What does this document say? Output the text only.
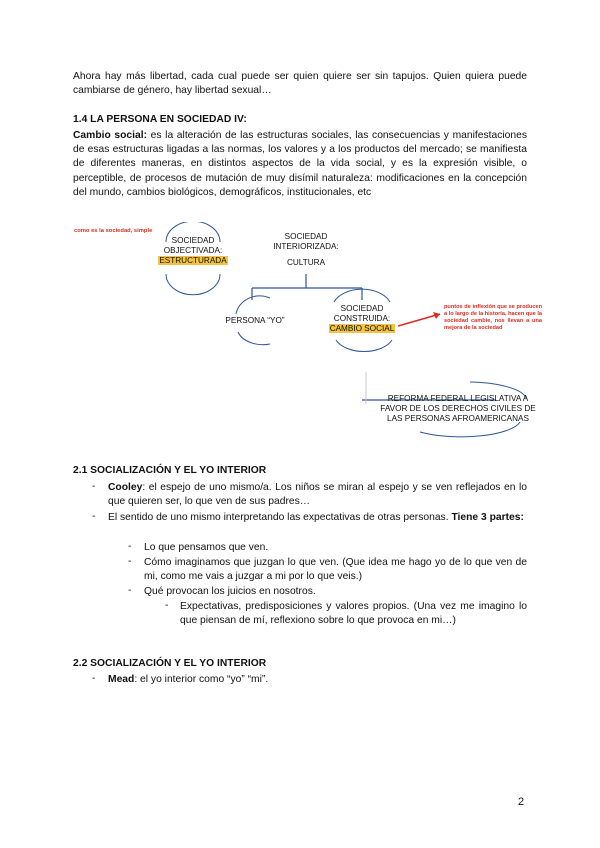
Ahora hay más libertad, cada cual puede ser quien quiere ser sin tapujos. Quien quiera puede cambiarse de género, hay libertad sexual…
1.4 LA PERSONA EN SOCIEDAD IV:
Cambio social: es la alteración de las estructuras sociales, las consecuencias y manifestaciones de esas estructuras ligadas a las normas, los valores y a los productos del mercado; se manifiesta de diferentes maneras, en distintos aspectos de la vida social, y es la expresión visible, o perceptible, de procesos de mutación de muy disímil naturaleza: modificaciones en la concepción del mundo, cambios biológicos, demográficos, institucionales, etc
como es la sociedad, simple
SOCIEDAD
OBJECTIVADA:
ESTRUCTURADA
SOCIEDAD
INTERIORIZADA:
CULTURA
PERSONA “YO”
SOCIEDAD
CONSTRUIDA:
CAMBIO SOCIAL
puntos de inflexión que se producen a lo largo de la historia, hacen que la sociedad cambie, nos llevan a una mejora de la sociedad
REFORMA FEDERAL LEGISLATIVA A
FAVOR DE LOS DERECHOS CIVILES DE
LAS PERSONAS AFROAMERICANAS
2.1 SOCIALIZACIÓN Y EL YO INTERIOR
- Cooley: el espejo de uno mismo/a. Los niños se miran al espejo y se ven reflejados en lo que quieren ser, lo que ven de sus padres…
- El sentido de uno mismo interpretando las expectativas de otras personas. Tiene 3 partes:
- Lo que pensamos que ven.
- Cómo imaginamos que juzgan lo que ven. (Que idea me hago yo de lo que ven de mi, como me vais a juzgar a mi por lo que veis.)
- Qué provocan los juicios en nosotros.
- Expectativas, predisposiciones y valores propios. (Una vez me imagino lo que piensan de mí, reflexiono sobre lo que provoca en mi…)
2.2 SOCIALIZACIÓN Y EL YO INTERIOR
- Mead: el yo interior como “yo” “mi”.
2
